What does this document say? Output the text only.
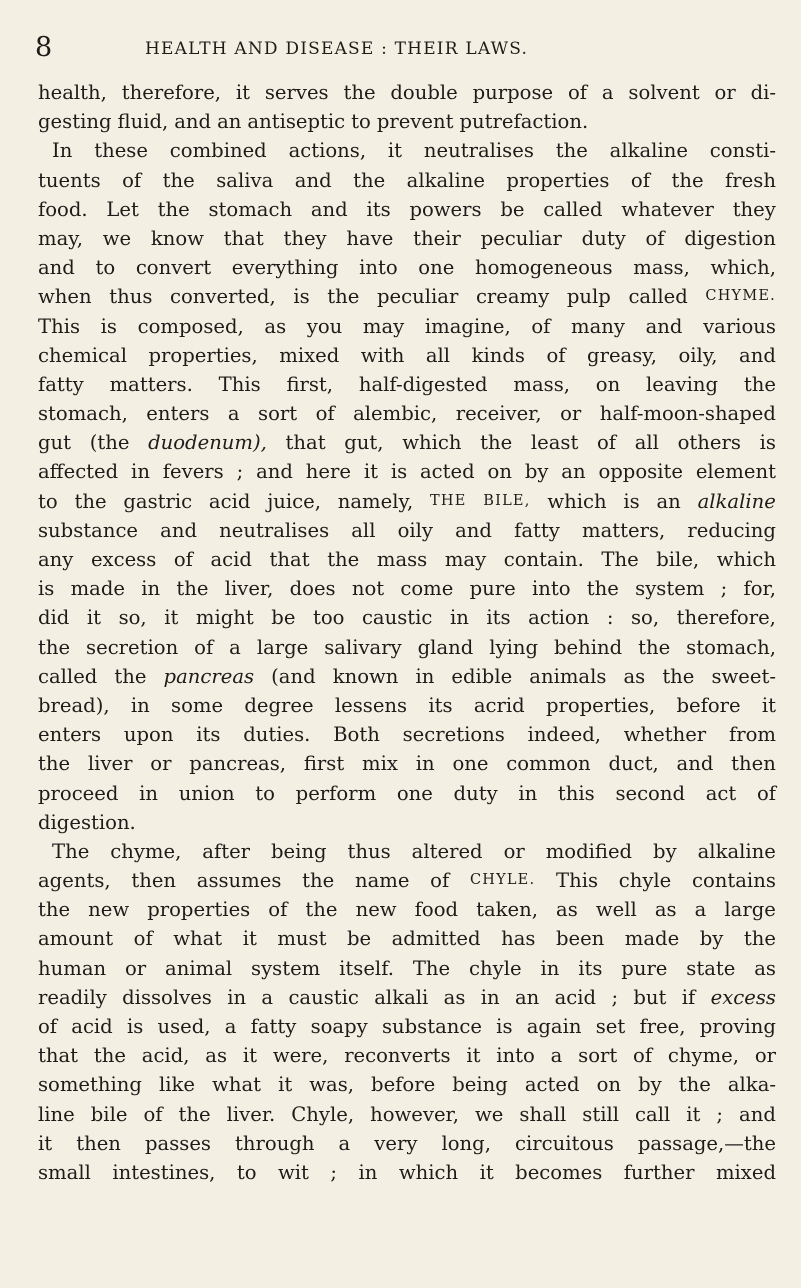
8	HEALTH AND DISEASE : THEIR LAWS.
health, therefore, it serves the double purpose of a solvent or di-
gesting fluid, and an antiseptic to prevent putrefaction.
In these combined actions, it neutralises the alkaline consti-
tuents of the saliva and the alkaline properties of the fresh
food. Let the stomach and its powers be called whatever they
may, we know that they have their peculiar duty of digestion
and to convert everything into one homogeneous mass, which,
when thus converted, is the peculiar creamy pulp called CHYME.
This is composed, as you may imagine, of many and various
chemical properties, mixed with all kinds of greasy, oily, and
fatty matters. This first, half-digested mass, on leaving the
stomach, enters a sort of alembic, receiver, or half-moon-shaped
gut (the duodenum), that gut, which the least of all others is
affected in fevers ; and here it is acted on by an opposite element
to the gastric acid juice, namely, THE BILE, which is an alkaline
substance and neutralises all oily and fatty matters, reducing
any excess of acid that the mass may contain. The bile, which
is made in the liver, does not come pure into the system ; for,
did it so, it might be too caustic in its action : so, therefore,
the secretion of a large salivary gland lying behind the stomach,
called the pancreas (and known in edible animals as the sweet-
bread), in some degree lessens its acrid properties, before it
enters upon its duties. Both secretions indeed, whether from
the liver or pancreas, first mix in one common duct, and then
proceed in union to perform one duty in this second act of
digestion.
The chyme, after being thus altered or modified by alkaline
agents, then assumes the name of CHYLE. This chyle contains
the new properties of the new food taken, as well as a large
amount of what it must be admitted has been made by the
human or animal system itself. The chyle in its pure state as
readily dissolves in a caustic alkali as in an acid ; but if excess
of acid is used, a fatty soapy substance is again set free, proving
that the acid, as it were, reconverts it into a sort of chyme, or
something like what it was, before being acted on by the alka-
line bile of the liver. Chyle, however, we shall still call it ; and
it then passes through a very long, circuitous passage,—the
small intestines, to wit ; in which it becomes further mixed
